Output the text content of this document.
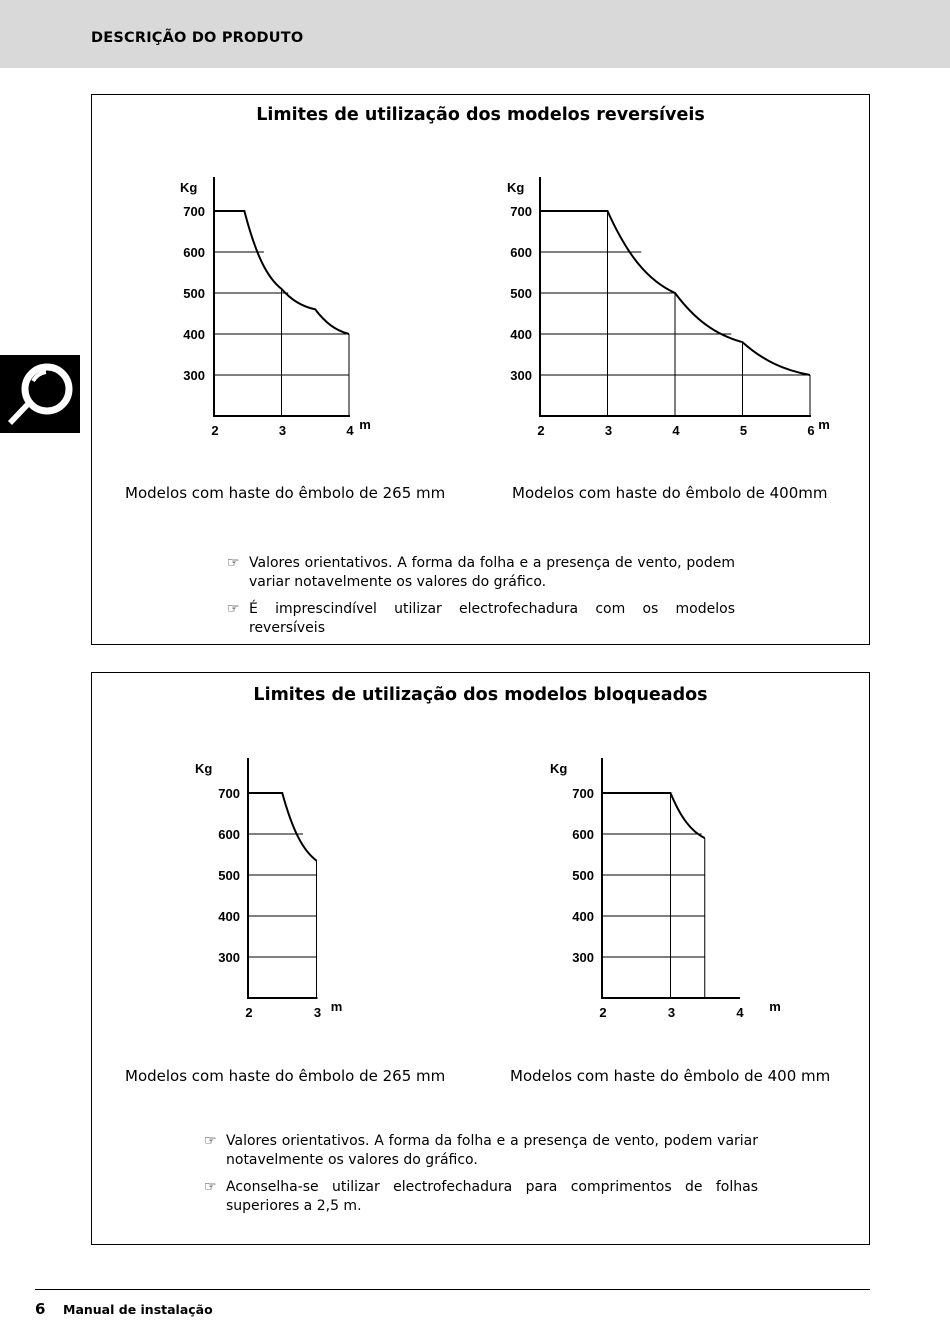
DESCRIÇÃO DO PRODUTO
Limites de utilização dos modelos reversíveis
300
400
500
600
700
Kg
2	3	4 m
300
400
500
600
700
Kg
2	3	4	5	6 m
Modelos com haste do êmbolo de 265 mm	Modelos com haste do êmbolo de 400mm
☞ Valores orientativos. A forma da folha e a presença de vento, podem variar notavelmente os valores do gráfico.
☞ É imprescindível utilizar electrofechadura com os modelos reversíveis
Limites de utilização dos modelos bloqueados
300
400
500
600
700
Kg
2	3 m
300
400
500
600
700
Kg
2	3	4 m
Modelos com haste do êmbolo de 265 mm	Modelos com haste do êmbolo de 400 mm
☞ Valores orientativos. A forma da folha e a presença de vento, podem variar notavelmente os valores do gráfico.
☞ Aconselha-se utilizar electrofechadura para comprimentos de folhas superiores a 2,5 m.
6 Manual de instalação
